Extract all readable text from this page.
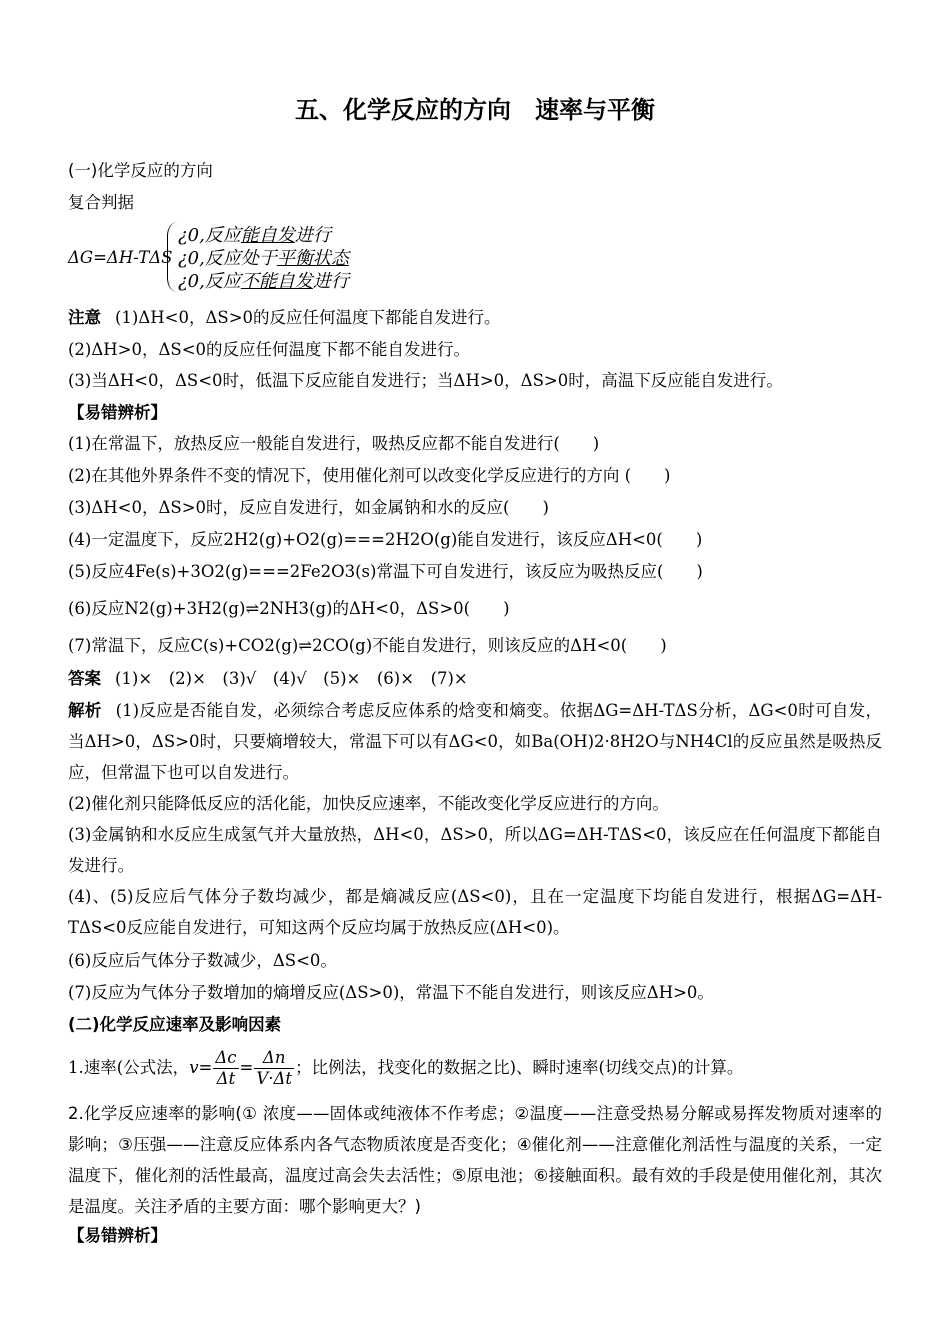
五、化学反应的方向　速率与平衡
(一)化学反应的方向
复合判据
ΔG=ΔH-TΔS
¿0,反应能自发进行
¿0,反应处于平衡状态
¿0,反应不能自发进行
注意 (1)ΔH<0，ΔS>0的反应任何温度下都能自发进行。
(2)ΔH>0，ΔS<0的反应任何温度下都不能自发进行。
(3)当ΔH<0，ΔS<0时，低温下反应能自发进行；当ΔH>0，ΔS>0时，高温下反应能自发进行。
【易错辨析】
(1)在常温下，放热反应一般能自发进行，吸热反应都不能自发进行(　　)
(2)在其他外界条件不变的情况下，使用催化剂可以改变化学反应进行的方向 (　　)
(3)ΔH<0，ΔS>0时，反应自发进行，如金属钠和水的反应(　　)
(4)一定温度下，反应2H2(g)+O2(g)===2H2O(g)能自发进行，该反应ΔH<0(　　)
(5)反应4Fe(s)+3O2(g)===2Fe2O3(s)常温下可自发进行，该反应为吸热反应(　　)
(6)反应N2(g)+3H2(g)⇌2NH3(g)的ΔH<0，ΔS>0(　　)
(7)常温下，反应C(s)+CO2(g)⇌2CO(g)不能自发进行，则该反应的ΔH<0(　　)
答案 (1)×　(2)×　(3)√　(4)√　(5)×　(6)×　(7)×
解析 (1)反应是否能自发，必须综合考虑反应体系的焓变和熵变。依据ΔG=ΔH-TΔS分析，ΔG<0时可自发，当ΔH>0，ΔS>0时，只要熵增较大，常温下可以有ΔG<0，如Ba(OH)2·8H2O与NH4Cl的反应虽然是吸热反应，但常温下也可以自发进行。
(2)催化剂只能降低反应的活化能，加快反应速率，不能改变化学反应进行的方向。
(3)金属钠和水反应生成氢气并大量放热，ΔH<0，ΔS>0，所以ΔG=ΔH-TΔS<0，该反应在任何温度下都能自发进行。
(4)、(5)反应后气体分子数均减少，都是熵减反应(ΔS<0)，且在一定温度下均能自发进行，根据ΔG=ΔH-TΔS<0反应能自发进行，可知这两个反应均属于放热反应(ΔH<0)。
(6)反应后气体分子数减少，ΔS<0。
(7)反应为气体分子数增加的熵增反应(ΔS>0)，常温下不能自发进行，则该反应ΔH>0。
(二)化学反应速率及影响因素
1.速率(公式法，$v= \frac{\Delta c}{\Delta t} = \frac{\Delta n}{V\cdot\Delta t}$ ；比例法，找变化的数据之比)、瞬时速率(切线交点)的计算。
2.化学反应速率的影响(① 浓度——固体或纯液体不作考虑；②温度——注意受热易分解或易挥发物质对速率的影响；③压强——注意反应体系内各气态物质浓度是否变化；④催化剂——注意催化剂活性与温度的关系，一定温度下，催化剂的活性最高，温度过高会失去活性；⑤原电池；⑥接触面积。最有效的手段是使用催化剂，其次是温度。关注矛盾的主要方面：哪个影响更大？)
【易错辨析】
